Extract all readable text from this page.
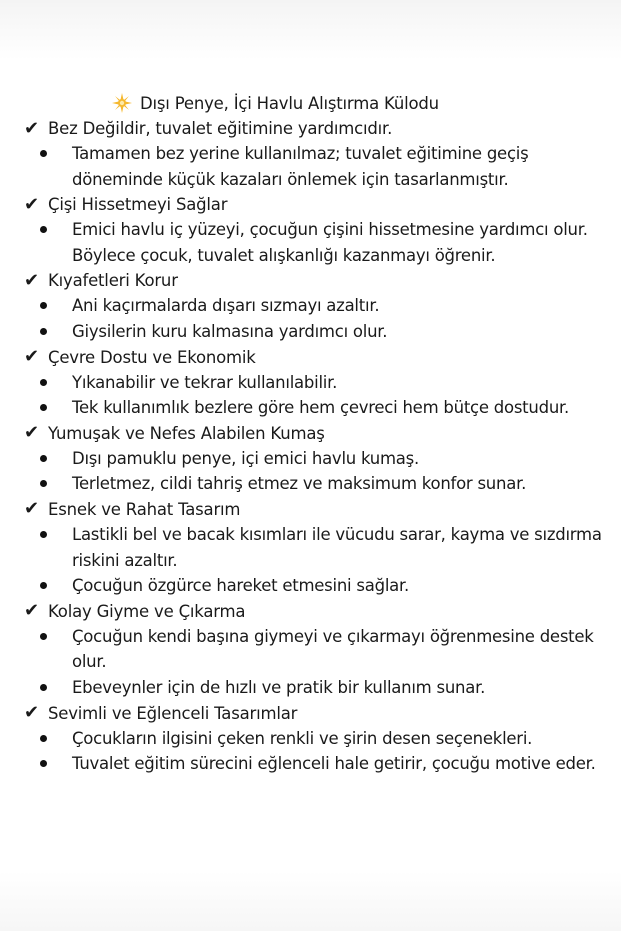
Dışı Penye, İçi Havlu Alıştırma Külodu
✔ Bez Değildir, tuvalet eğitimine yardımcıdır.
Tamamen bez yerine kullanılmaz; tuvalet eğitimine geçiş döneminde küçük kazaları önlemek için tasarlanmıştır.
✔ Çişi Hissetmeyi Sağlar
Emici havlu iç yüzeyi, çocuğun çişini hissetmesine yardımcı olur. Böylece çocuk, tuvalet alışkanlığı kazanmayı öğrenir.
✔ Kıyafetleri Korur
Ani kaçırmalarda dışarı sızmayı azaltır.
Giysilerin kuru kalmasına yardımcı olur.
✔ Çevre Dostu ve Ekonomik
Yıkanabilir ve tekrar kullanılabilir.
Tek kullanımlık bezlere göre hem çevreci hem bütçe dostudur.
✔ Yumuşak ve Nefes Alabilen Kumaş
Dışı pamuklu penye, içi emici havlu kumaş.
Terletmez, cildi tahriş etmez ve maksimum konfor sunar.
✔ Esnek ve Rahat Tasarım
Lastikli bel ve bacak kısımları ile vücudu sarar, kayma ve sızdırma riskini azaltır.
Çocuğun özgürce hareket etmesini sağlar.
✔ Kolay Giyme ve Çıkarma
Çocuğun kendi başına giymeyi ve çıkarmayı öğrenmesine destek olur.
Ebeveynler için de hızlı ve pratik bir kullanım sunar.
✔ Sevimli ve Eğlenceli Tasarımlar
Çocukların ilgisini çeken renkli ve şirin desen seçenekleri.
Tuvalet eğitim sürecini eğlenceli hale getirir, çocuğu motive eder.
